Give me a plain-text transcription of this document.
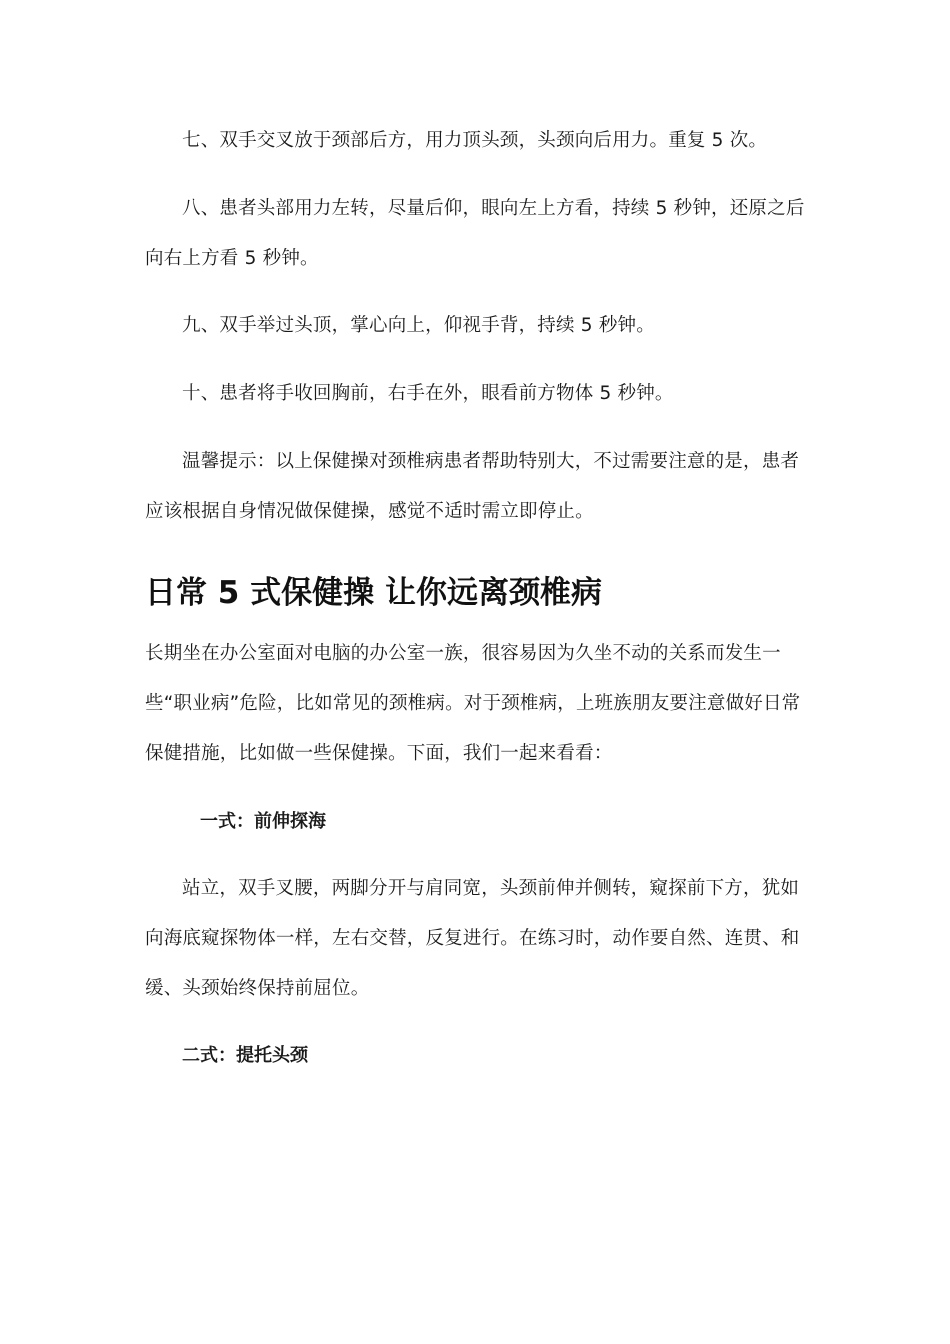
七、双手交叉放于颈部后方，用力顶头颈，头颈向后用力。重复 5 次。

八、患者头部用力左转，尽量后仰，眼向左上方看，持续 5 秒钟，还原之后向右上方看 5 秒钟。

九、双手举过头顶，掌心向上，仰视手背，持续 5 秒钟。

十、患者将手收回胸前，右手在外，眼看前方物体 5 秒钟。

温馨提示：以上保健操对颈椎病患者帮助特别大，不过需要注意的是，患者应该根据自身情况做保健操，感觉不适时需立即停止。

日常 5 式保健操 让你远离颈椎病

长期坐在办公室面对电脑的办公室一族，很容易因为久坐不动的关系而发生一些“职业病”危险，比如常见的颈椎病。对于颈椎病，上班族朋友要注意做好日常保健措施，比如做一些保健操。下面，我们一起来看看：

一式：前伸探海

站立，双手叉腰，两脚分开与肩同宽，头颈前伸并侧转，窥探前下方，犹如向海底窥探物体一样，左右交替，反复进行。在练习时，动作要自然、连贯、和缓、头颈始终保持前屈位。

二式：提托头颈
